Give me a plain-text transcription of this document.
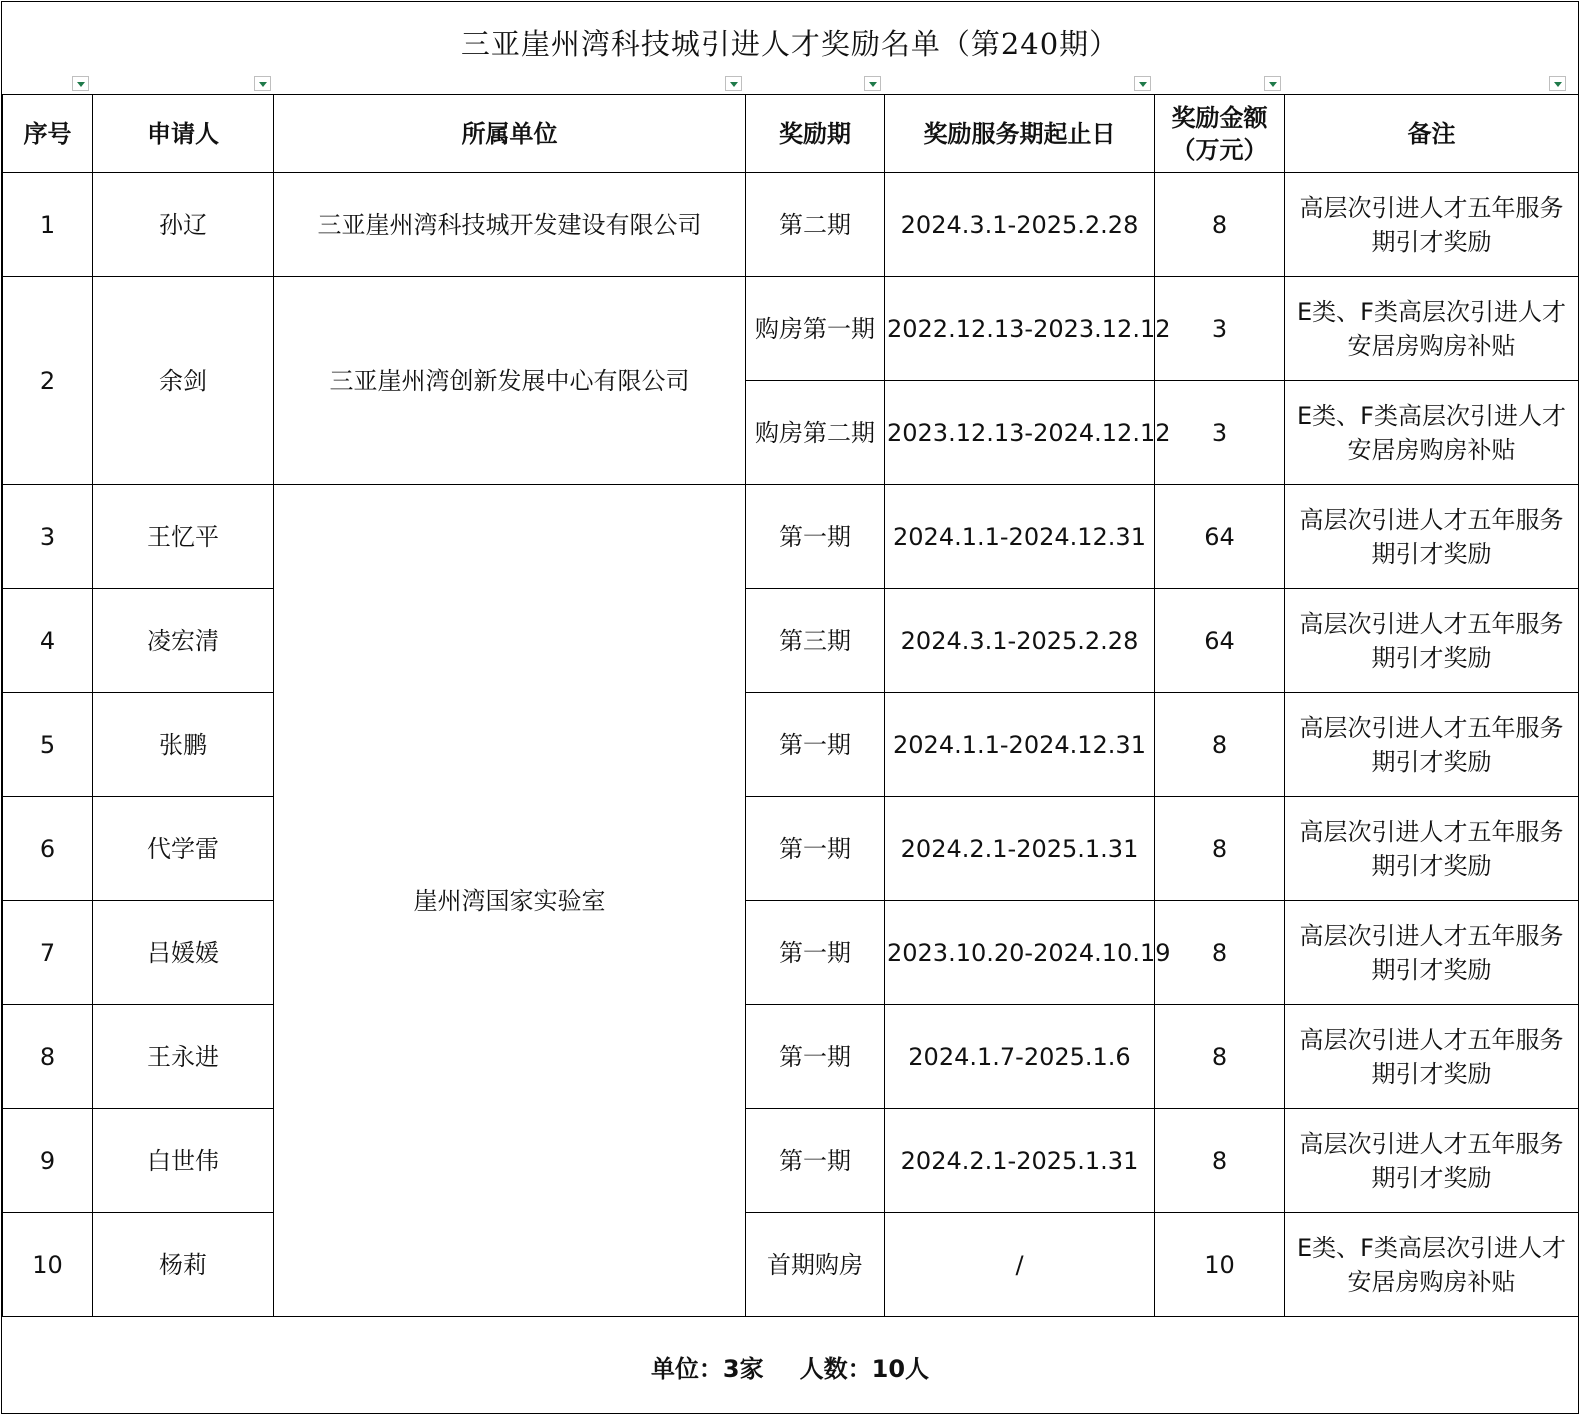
三亚崖州湾科技城引进人才奖励名单（第240期）
序号	申请人	所属单位	奖励期	奖励服务期起止日	奖励金额
（万元）	备注
1	孙辽	三亚崖州湾科技城开发建设有限公司	第二期	2024.3.1-2025.2.28	8	高层次引进人才五年服务期引才奖励
2	余剑	三亚崖州湾创新发展中心有限公司	购房第一期	2022.12.13-2023.12.12	3	E类、F类高层次引进人才安居房购房补贴
			购房第二期	2023.12.13-2024.12.12	3	E类、F类高层次引进人才安居房购房补贴
3	王忆平	崖州湾国家实验室	第一期	2024.1.1-2024.12.31	64	高层次引进人才五年服务期引才奖励
4	凌宏清		第三期	2024.3.1-2025.2.28	64	高层次引进人才五年服务期引才奖励
5	张鹏		第一期	2024.1.1-2024.12.31	8	高层次引进人才五年服务期引才奖励
6	代学雷		第一期	2024.2.1-2025.1.31	8	高层次引进人才五年服务期引才奖励
7	吕媛媛		第一期	2023.10.20-2024.10.19	8	高层次引进人才五年服务期引才奖励
8	王永进		第一期	2024.1.7-2025.1.6	8	高层次引进人才五年服务期引才奖励
9	白世伟		第一期	2024.2.1-2025.1.31	8	高层次引进人才五年服务期引才奖励
10	杨莉		首期购房	/	10	E类、F类高层次引进人才安居房购房补贴
单位：3家 人数：10人
